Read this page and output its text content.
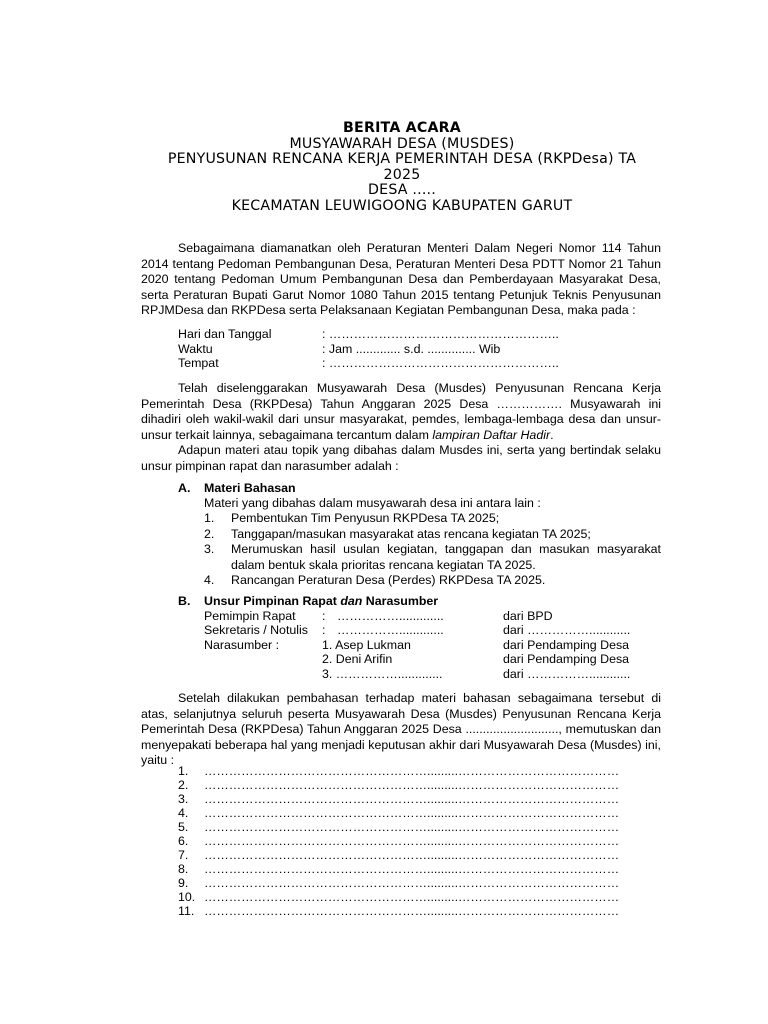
BERITA ACARA
MUSYAWARAH DESA (MUSDES)
PENYUSUNAN RENCANA KERJA PEMERINTAH DESA (RKPDesa) TA
2025
DESA .....
KECAMATAN LEUWIGOONG KABUPATEN GARUT
Sebagaimana diamanatkan oleh Peraturan Menteri Dalam Negeri Nomor 114 Tahun 2014 tentang Pedoman Pembangunan Desa, Peraturan Menteri Desa PDTT Nomor 21 Tahun 2020 tentang Pedoman Umum Pembangunan Desa dan Pemberdayaan Masyarakat Desa, serta Peraturan Bupati Garut Nomor 1080 Tahun 2015 tentang Petunjuk Teknis Penyusunan RPJMDesa dan RKPDesa serta Pelaksanaan Kegiatan Pembangunan Desa, maka pada :
Hari dan Tanggal	: ………………………………………………..
Waktu	: Jam ............. s.d. .............. Wib
Tempat	: ………………………………………………..
Telah diselenggarakan Musyawarah Desa (Musdes) Penyusunan Rencana Kerja Pemerintah Desa (RKPDesa) Tahun Anggaran 2025 Desa ……………. Musyawarah ini dihadiri oleh wakil-wakil dari unsur masyarakat, pemdes, lembaga-lembaga desa dan unsur-unsur terkait lainnya, sebagaimana tercantum dalam lampiran Daftar Hadir.
Adapun materi atau topik yang dibahas dalam Musdes ini, serta yang bertindak selaku unsur pimpinan rapat dan narasumber adalah :
A. Materi Bahasan
Materi yang dibahas dalam musyawarah desa ini antara lain :
1. Pembentukan Tim Penyusun RKPDesa TA 2025;
2. Tanggapan/masukan masyarakat atas rencana kegiatan TA 2025;
3. Merumuskan hasil usulan kegiatan, tanggapan dan masukan masyarakat dalam bentuk skala prioritas rencana kegiatan TA 2025.
4. Rancangan Peraturan Desa (Perdes) RKPDesa TA 2025.
B. Unsur Pimpinan Rapat dan Narasumber
Pemimpin Rapat : …………….............	dari BPD
Sekretaris / Notulis : …………….............	dari ……………............
Narasumber :	1. Asep Lukman	dari Pendamping Desa
2. Deni Arifin	dari Pendamping Desa
3. …………….............	dari ……………............
Setelah dilakukan pembahasan terhadap materi bahasan sebagaimana tersebut di atas, selanjutnya seluruh peserta Musyawarah Desa (Musdes) Penyusunan Rencana Kerja Pemerintah Desa (RKPDesa) Tahun Anggaran 2025 Desa ..........................., memutuskan dan menyepakati beberapa hal yang menjadi keputusan akhir dari Musyawarah Desa (Musdes) ini, yaitu :
1. ……………………………………………….........…………………………………
2. ……………………………………………….........…………………………………
3. ……………………………………………….........…………………………………
4. ……………………………………………….........…………………………………
5. ……………………………………………….........…………………………………
6. ……………………………………………….........…………………………………
7. ……………………………………………….........…………………………………
8. ……………………………………………….........…………………………………
9. ……………………………………………….........…………………………………
10. ……………………………………………….........…………………………………
11. ……………………………………………….........…………………………………
